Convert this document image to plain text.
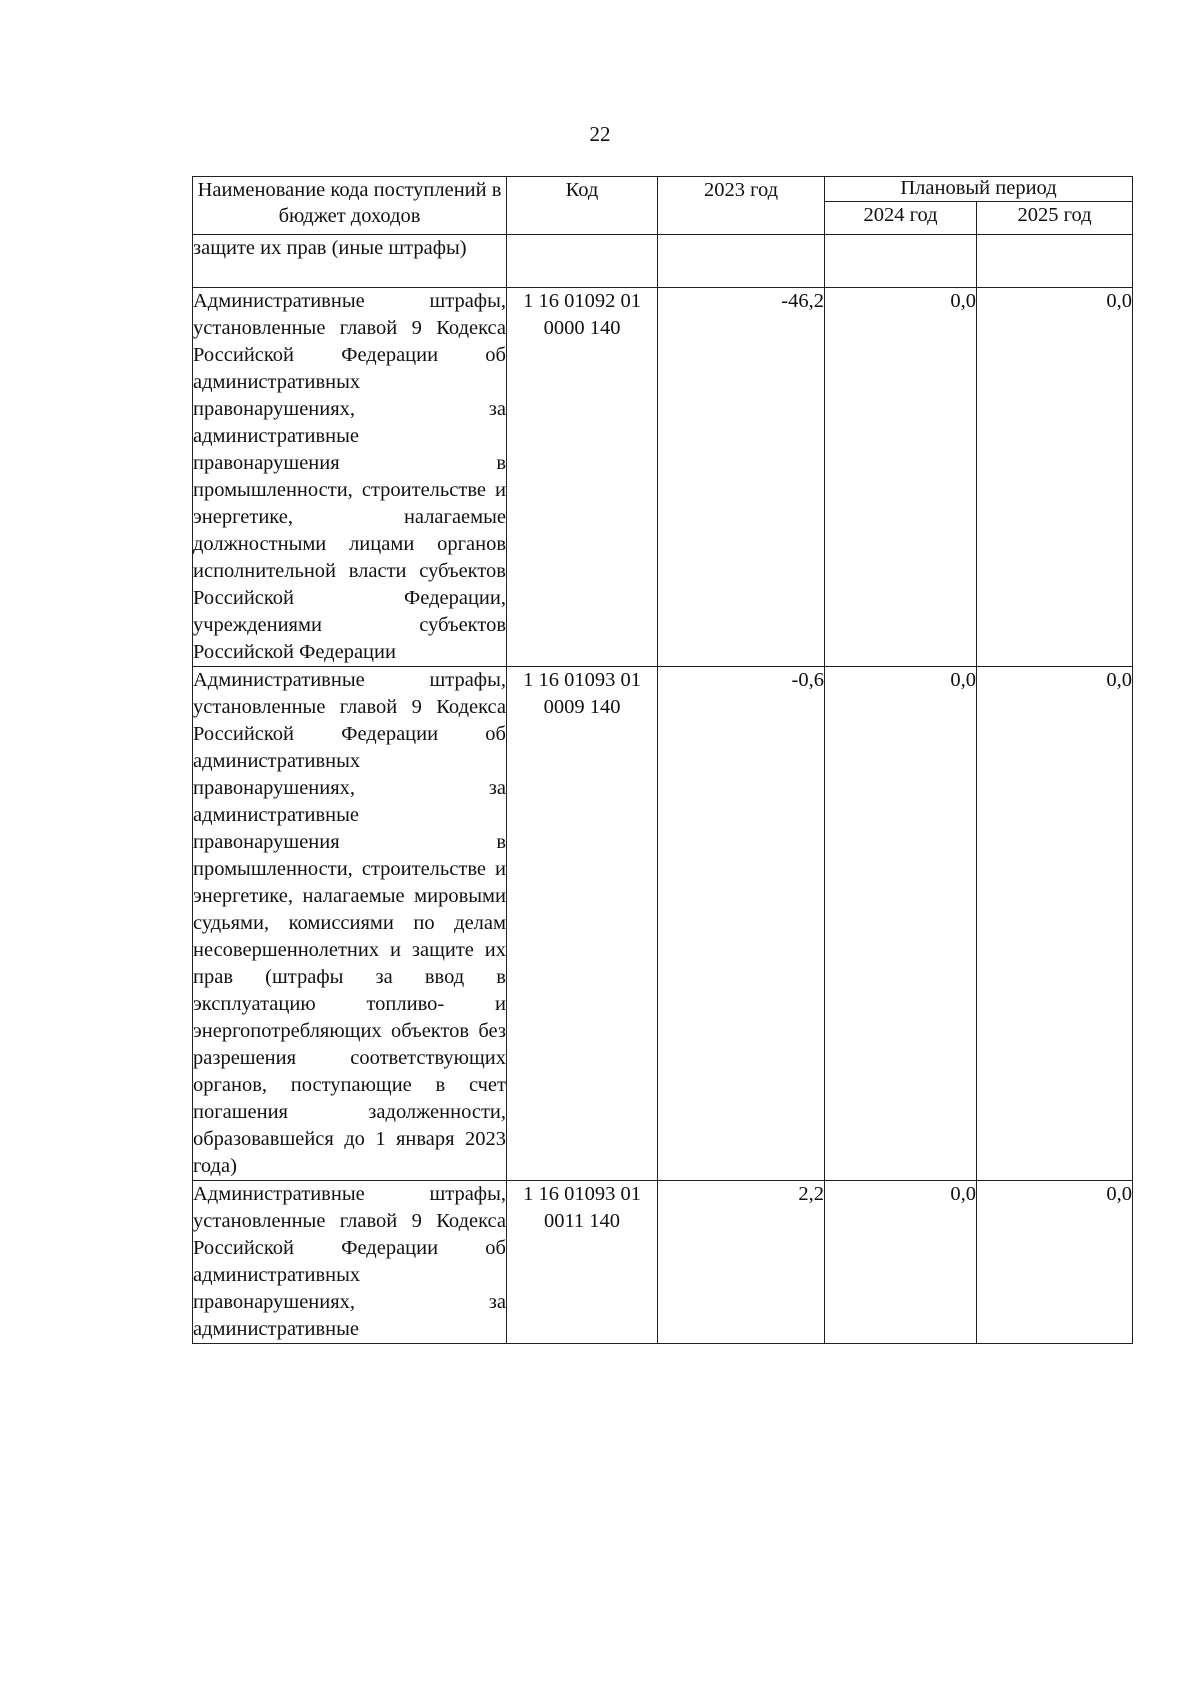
22
Наименование кода поступлений в бюджет доходов	Код	2023 год	Плановый период	
			2024 год	2025 год
защите их прав (иные штрафы)				
Административные штрафы, установленные главой 9 Кодекса Российской Федерации об административных правонарушениях, за административные правонарушения в промышленности, строительстве и энергетике, налагаемые должностными лицами органов исполнительной власти субъектов Российской Федерации, учреждениями субъектов Российской Федерации	1 16 01092 01 0000 140	-46,2	0,0	0,0
Административные штрафы, установленные главой 9 Кодекса Российской Федерации об административных правонарушениях, за административные правонарушения в промышленности, строительстве и энергетике, налагаемые мировыми судьями, комиссиями по делам несовершеннолетних и защите их прав (штрафы за ввод в эксплуатацию топливо- и энергопотребляющих объектов без разрешения соответствующих органов, поступающие в счет погашения задолженности, образовавшейся до 1 января 2023 года)	1 16 01093 01 0009 140	-0,6	0,0	0,0
Административные штрафы, установленные главой 9 Кодекса Российской Федерации об административных правонарушениях, за административные	1 16 01093 01 0011 140	2,2	0,0	0,0
